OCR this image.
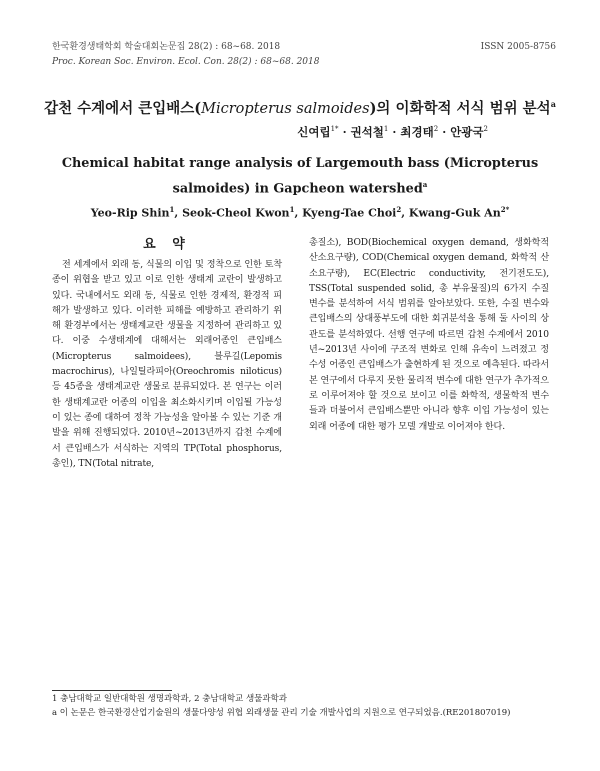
한국환경생태학회 학술대회논문집 28(2) : 68~68. 2018	ISSN 2005-8756
Proc. Korean Soc. Environ. Ecol. Con. 28(2) : 68~68. 2018
갑천 수계에서 큰입배스(Micropterus salmoides)의 이화학적 서식 범위 분석$^a$
신여립$^{1*}$ · 권석철$^1$ · 최경태$^2$ · 안광국$^2$
Chemical habitat range analysis of Largemouth bass (Micropterus salmoides) in Gapcheon watershed$^a$
Yeo-Rip Shin$^1$, Seok-Cheol Kwon$^1$, Kyeng-Tae Choi$^2$, Kwang-Guk $An^{2*}$
요 약
전 세계에서 외래 동, 식물의 이입 및 정착으로 인한 토착종이 위협을 받고 있고 이로 인한 생태계 교란이 발생하고 있다. 국내에서도 외래 동, 식물로 인한 경제적, 환경적 피해가 발생하고 있다. 이러한 피해를 예방하고 관리하기 위해 환경부에서는 생태계교란 생물을 지정하여 관리하고 있다. 이중 수생태계에 대해서는 외래어종인 큰입배스(Micropterus salmoidees), 블루길(Lepomis macrochirus), 나일틸라피아(Oreochromis niloticus) 등 45종을 생태계교란 생물로 분류되었다. 본 연구는 이러한 생태계교란 어종의 이입을 최소화시키며 이입될 가능성이 있는 종에 대하여 정착 가능성을 알아볼 수 있는 기준 개발을 위해 진행되었다. 2010년~2013년까지 갑천 수계에서 큰입배스가 서식하는 지역의 TP(Total phosphorus, 총인), TN(Total nitrate,
총질소), BOD(Biochemical oxygen demand, 생화학적 산소요구량), COD(Chemical oxygen demand, 화학적 산소요구량), EC(Electric conductivity, 전기전도도), TSS(Total suspended solid, 총 부유물질)의 6가지 수질 변수를 분석하여 서식 범위를 알아보았다. 또한, 수질 변수와 큰입배스의 상대풍부도에 대한 회귀분석을 통해 둘 사이의 상관도를 분석하였다. 선행 연구에 따르면 갑천 수계에서 2010년~2013년 사이에 구조적 변화로 인해 유속이 느려졌고 정수성 어종인 큰입배스가 출현하게 된 것으로 예측된다. 따라서 본 연구에서 다루지 못한 물리적 변수에 대한 연구가 추가적으로 이루어져야 할 것으로 보이고 이를 화학적, 생물학적 변수들과 더불어서 큰입배스뿐만 아니라 향후 이입 가능성이 있는 외래 어종에 대한 평가 모델 개발로 이어져야 한다.
1 충남대학교 일반대학원 생명과학과, 2 충남대학교 생물과학과
a 이 논문은 한국환경산업기술원의 생물다양성 위협 외래생물 관리 기술 개발사업의 지원으로 연구되었음.(RE201807019)
